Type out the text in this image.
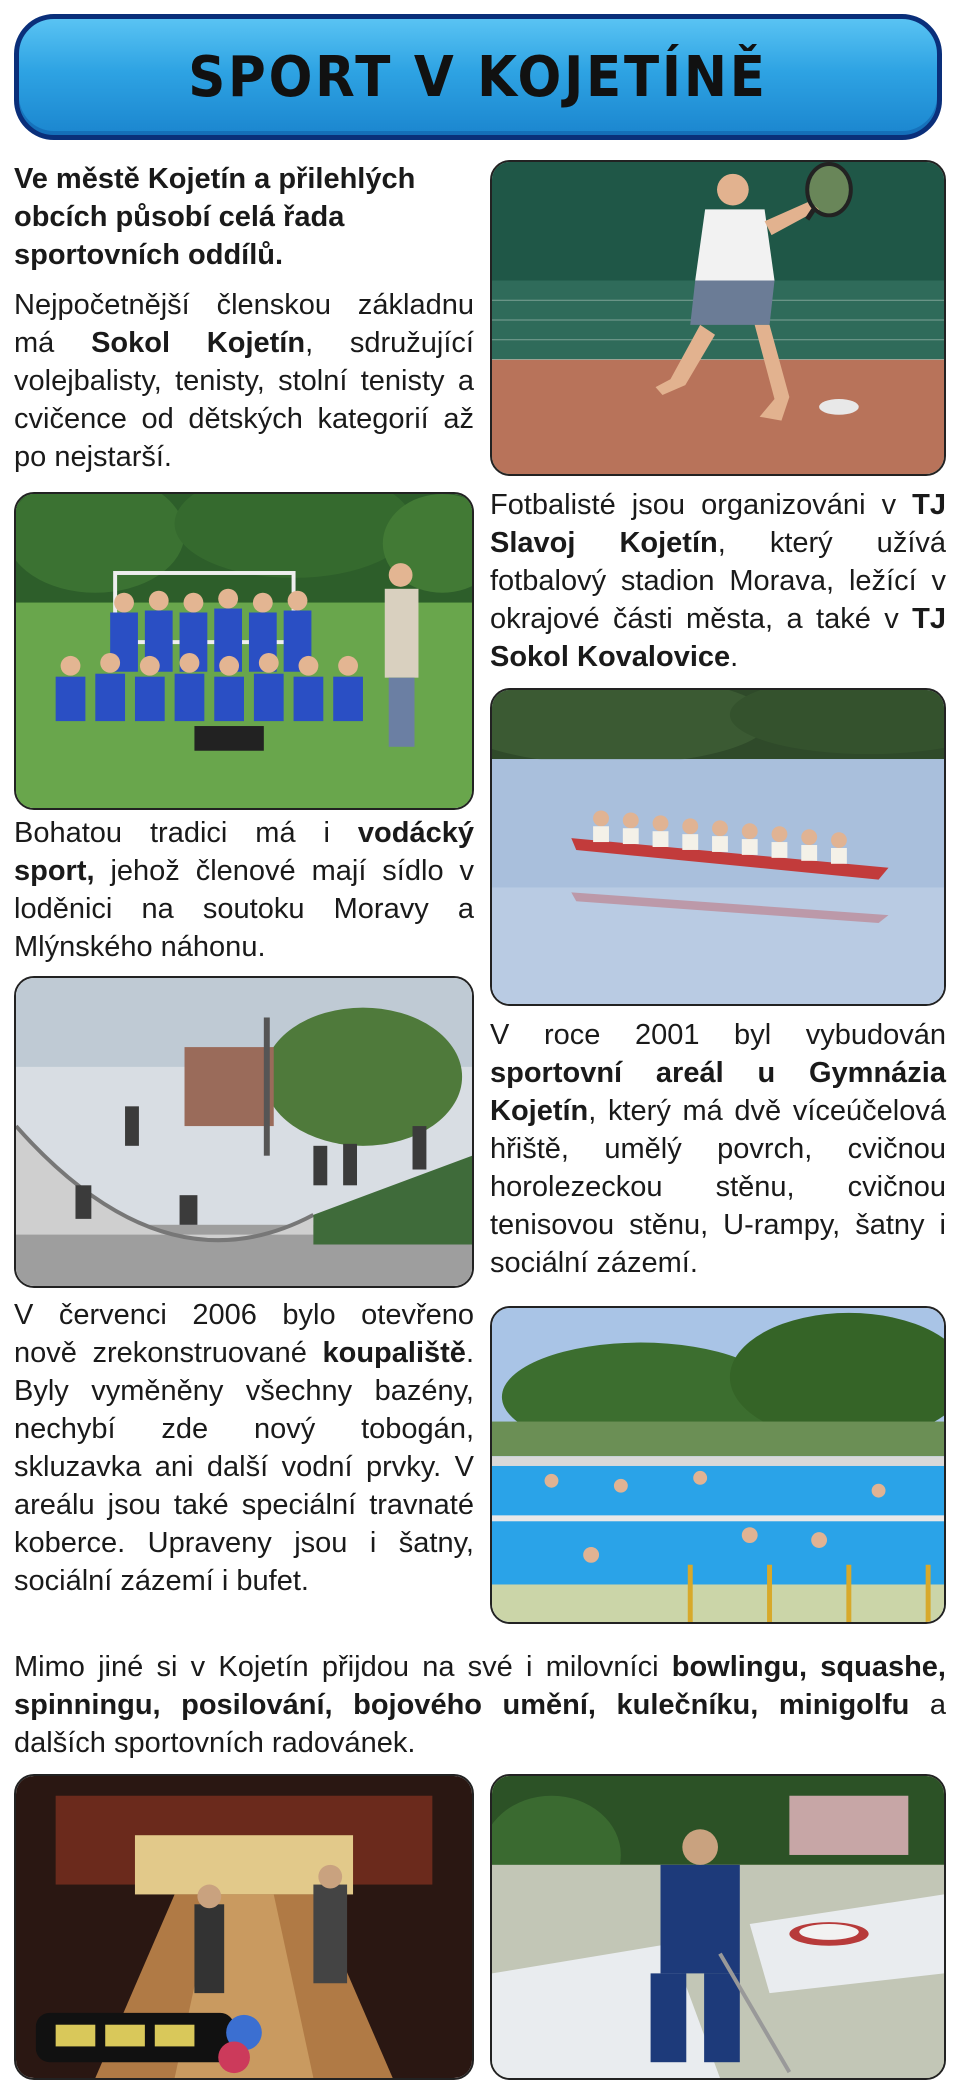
SPORT V KOJETÍNĚ

Ve městě Kojetín a přilehlých obcích působí celá řada sportovních oddílů.

Nejpočetnější členskou základnu má Sokol Kojetín, sdružující volejbalisty, tenisty, stolní tenisty a cvičence od dětských kategorií až po nejstarší.

Fotbalisté jsou organizováni v TJ Slavoj Kojetín, který užívá fotbalový stadion Morava, ležící v okrajové části města, a také v TJ Sokol Kovalovice.

Bohatou tradici má i vodácký sport, jehož členové mají sídlo v loděnici na soutoku Moravy a Mlýnského náhonu.

V roce 2001 byl vybudován sportovní areál u Gymnázia Kojetín, který má dvě víceúčelová hřiště, umělý povrch, cvičnou horolezeckou stěnu, cvičnou tenisovou stěnu, U-rampy, šatny i sociální zázemí.

V červenci 2006 bylo otevřeno nově zrekonstruované koupaliště. Byly vyměněny všechny bazény, nechybí zde nový tobogán, skluzavka ani další vodní prvky. V areálu jsou také speciální travnaté koberce. Upraveny jsou i šatny, sociální zázemí i bufet.

Mimo jiné si v Kojetín přijdou na své i milovníci bowlingu, squashe, spinningu, posilování, bojového umění, kulečníku, minigolfu a dalších sportovních radovánek.
